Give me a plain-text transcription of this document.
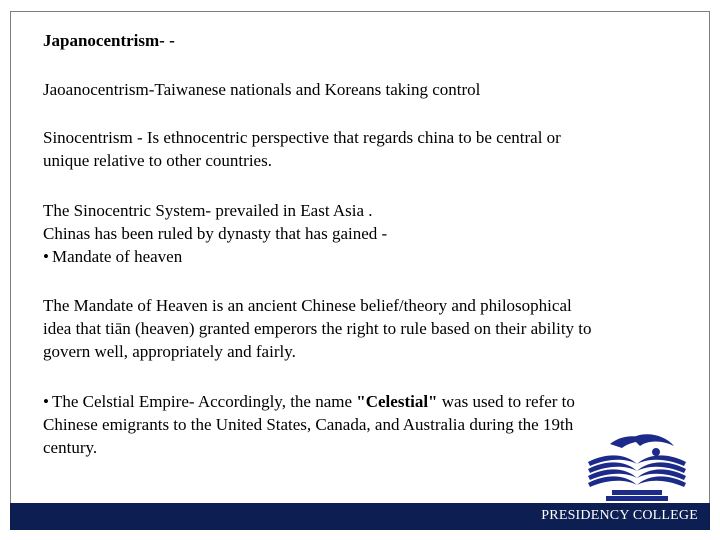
Japanocentrism- -

Jaoanocentrism-Taiwanese nationals and Koreans taking control

Sinocentrism - Is ethnocentric perspective that regards china to be central or
unique relative to other countries.

The Sinocentric System- prevailed in East Asia .
Chinas has been ruled by dynasty that has gained -
• Mandate of heaven

The Mandate of Heaven is an ancient Chinese belief/theory and philosophical
idea that tiān (heaven) granted emperors the right to rule based on their ability to
govern well, appropriately and fairly.

• The Celstial Empire- Accordingly, the name "Celestial" was used to refer to
Chinese emigrants to the United States, Canada, and Australia during the 19th
century.

PRESIDENCY COLLEGE
